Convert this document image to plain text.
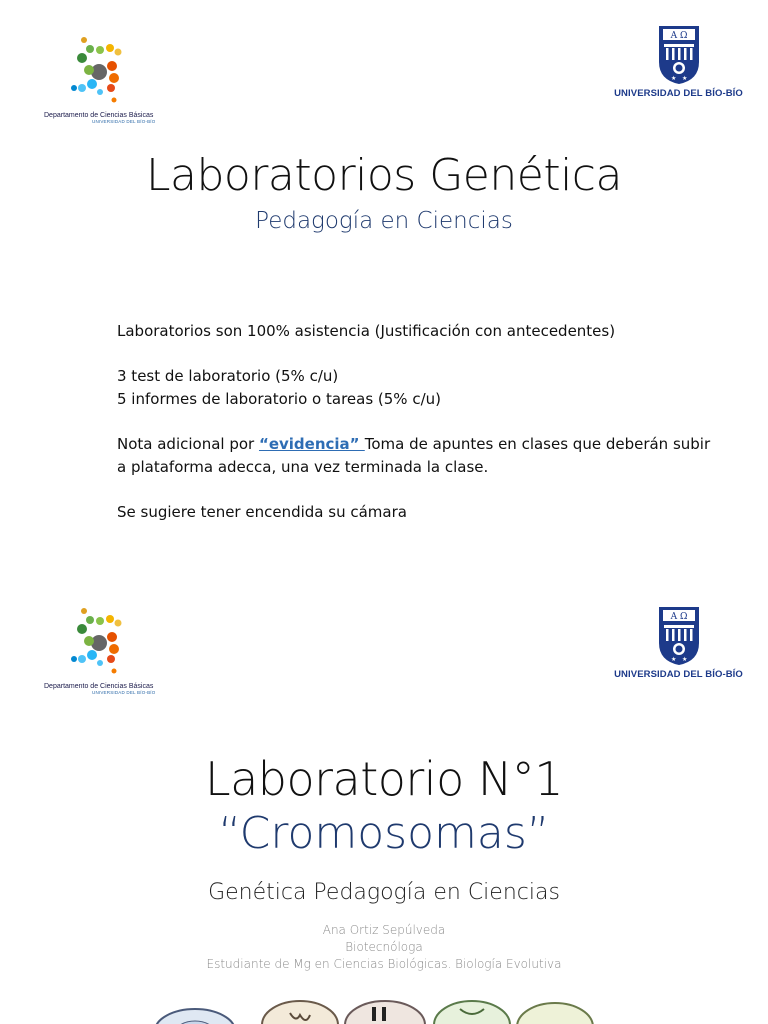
Departamento de Ciencias Básicas
UNIVERSIDAD DEL BÍO-BÍO
A Ω
★ ★
UNIVERSIDAD DEL BÍO-BÍO
Laboratorios Genética
Pedagogía en Ciencias

Laboratorios son 100% asistencia (Justificación con antecedentes)

3 test de laboratorio (5% c/u)
5 informes de laboratorio o tareas (5% c/u)

Nota adicional por “evidencia” Toma de apuntes en clases que deberán subir a plataforma adecca, una vez terminada la clase.

Se sugiere tener encendida su cámara

Departamento de Ciencias Básicas
UNIVERSIDAD DEL BÍO-BÍO
A Ω
★ ★
UNIVERSIDAD DEL BÍO-BÍO
Laboratorio N°1
“Cromosomas”
Genética Pedagogía en Ciencias
Ana Ortiz Sepúlveda
Biotecnóloga
Estudiante de Mg en Ciencias Biológicas. Biología Evolutiva
